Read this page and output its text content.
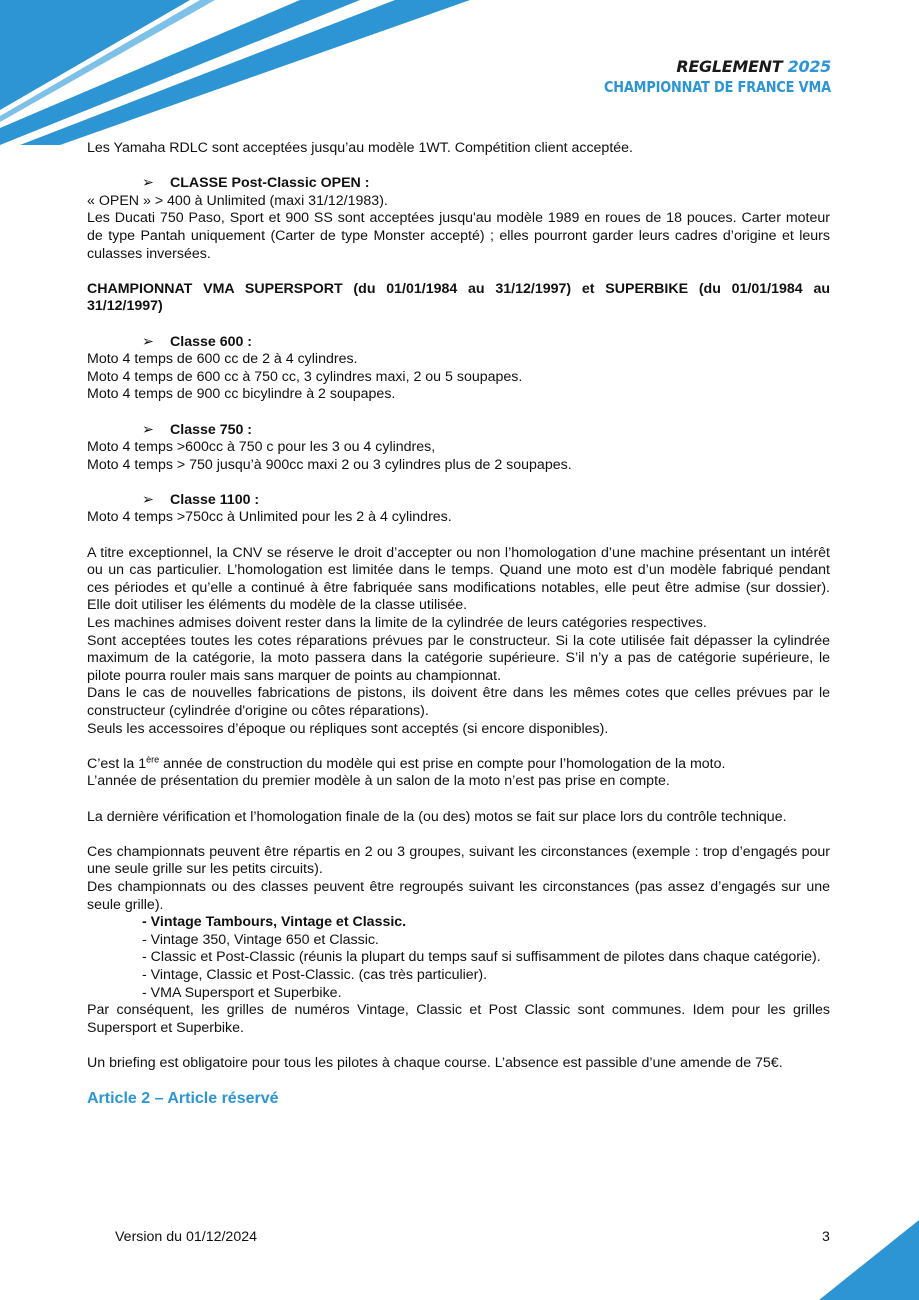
REGLEMENT 2025
CHAMPIONNAT DE FRANCE VMA

Les Yamaha RDLC sont acceptées jusqu’au modèle 1WT. Compétition client acceptée.

➢ CLASSE Post-Classic OPEN :

« OPEN » > 400 à Unlimited (maxi 31/12/1983).

Les Ducati 750 Paso, Sport et 900 SS sont acceptées jusqu'au modèle 1989 en roues de 18 pouces. Carter moteur de type Pantah uniquement (Carter de type Monster accepté) ; elles pourront garder leurs cadres d’origine et leurs culasses inversées.

CHAMPIONNAT VMA SUPERSPORT (du 01/01/1984 au 31/12/1997) et SUPERBIKE (du 01/01/1984 au 31/12/1997)

➢ Classe 600 :

Moto 4 temps de 600 cc de 2 à 4 cylindres.

Moto 4 temps de 600 cc à 750 cc, 3 cylindres maxi, 2 ou 5 soupapes.

Moto 4 temps de 900 cc bicylindre à 2 soupapes.

➢ Classe 750 :

Moto 4 temps >600cc à 750 c pour les 3 ou 4 cylindres,

Moto 4 temps > 750 jusqu’à 900cc maxi 2 ou 3 cylindres plus de 2 soupapes.

➢ Classe 1100 :

Moto 4 temps >750cc à Unlimited pour les 2 à 4 cylindres.

A titre exceptionnel, la CNV se réserve le droit d’accepter ou non l’homologation d’une machine présentant un intérêt ou un cas particulier. L’homologation est limitée dans le temps. Quand une moto est d’un modèle fabriqué pendant ces périodes et qu’elle a continué à être fabriquée sans modifications notables, elle peut être admise (sur dossier). Elle doit utiliser les éléments du modèle de la classe utilisée.

Les machines admises doivent rester dans la limite de la cylindrée de leurs catégories respectives.

Sont acceptées toutes les cotes réparations prévues par le constructeur. Si la cote utilisée fait dépasser la cylindrée maximum de la catégorie, la moto passera dans la catégorie supérieure. S’il n’y a pas de catégorie supérieure, le pilote pourra rouler mais sans marquer de points au championnat.

Dans le cas de nouvelles fabrications de pistons, ils doivent être dans les mêmes cotes que celles prévues par le constructeur (cylindrée d'origine ou côtes réparations).

Seuls les accessoires d’époque ou répliques sont acceptés (si encore disponibles).

C’est la 1ère année de construction du modèle qui est prise en compte pour l’homologation de la moto.

L’année de présentation du premier modèle à un salon de la moto n’est pas prise en compte.

La dernière vérification et l’homologation finale de la (ou des) motos se fait sur place lors du contrôle technique.

Ces championnats peuvent être répartis en 2 ou 3 groupes, suivant les circonstances (exemple : trop d’engagés pour une seule grille sur les petits circuits).

Des championnats ou des classes peuvent être regroupés suivant les circonstances (pas assez d’engagés sur une seule grille).

- Vintage Tambours, Vintage et Classic.

- Vintage 350, Vintage 650 et Classic.

- Classic et Post-Classic (réunis la plupart du temps sauf si suffisamment de pilotes dans chaque catégorie).

- Vintage, Classic et Post-Classic. (cas très particulier).

- VMA Supersport et Superbike.

Par conséquent, les grilles de numéros Vintage, Classic et Post Classic sont communes. Idem pour les grilles Supersport et Superbike.

Un briefing est obligatoire pour tous les pilotes à chaque course. L’absence est passible d’une amende de 75€.

Article 2 – Article réservé

Version du 01/12/2024	3
